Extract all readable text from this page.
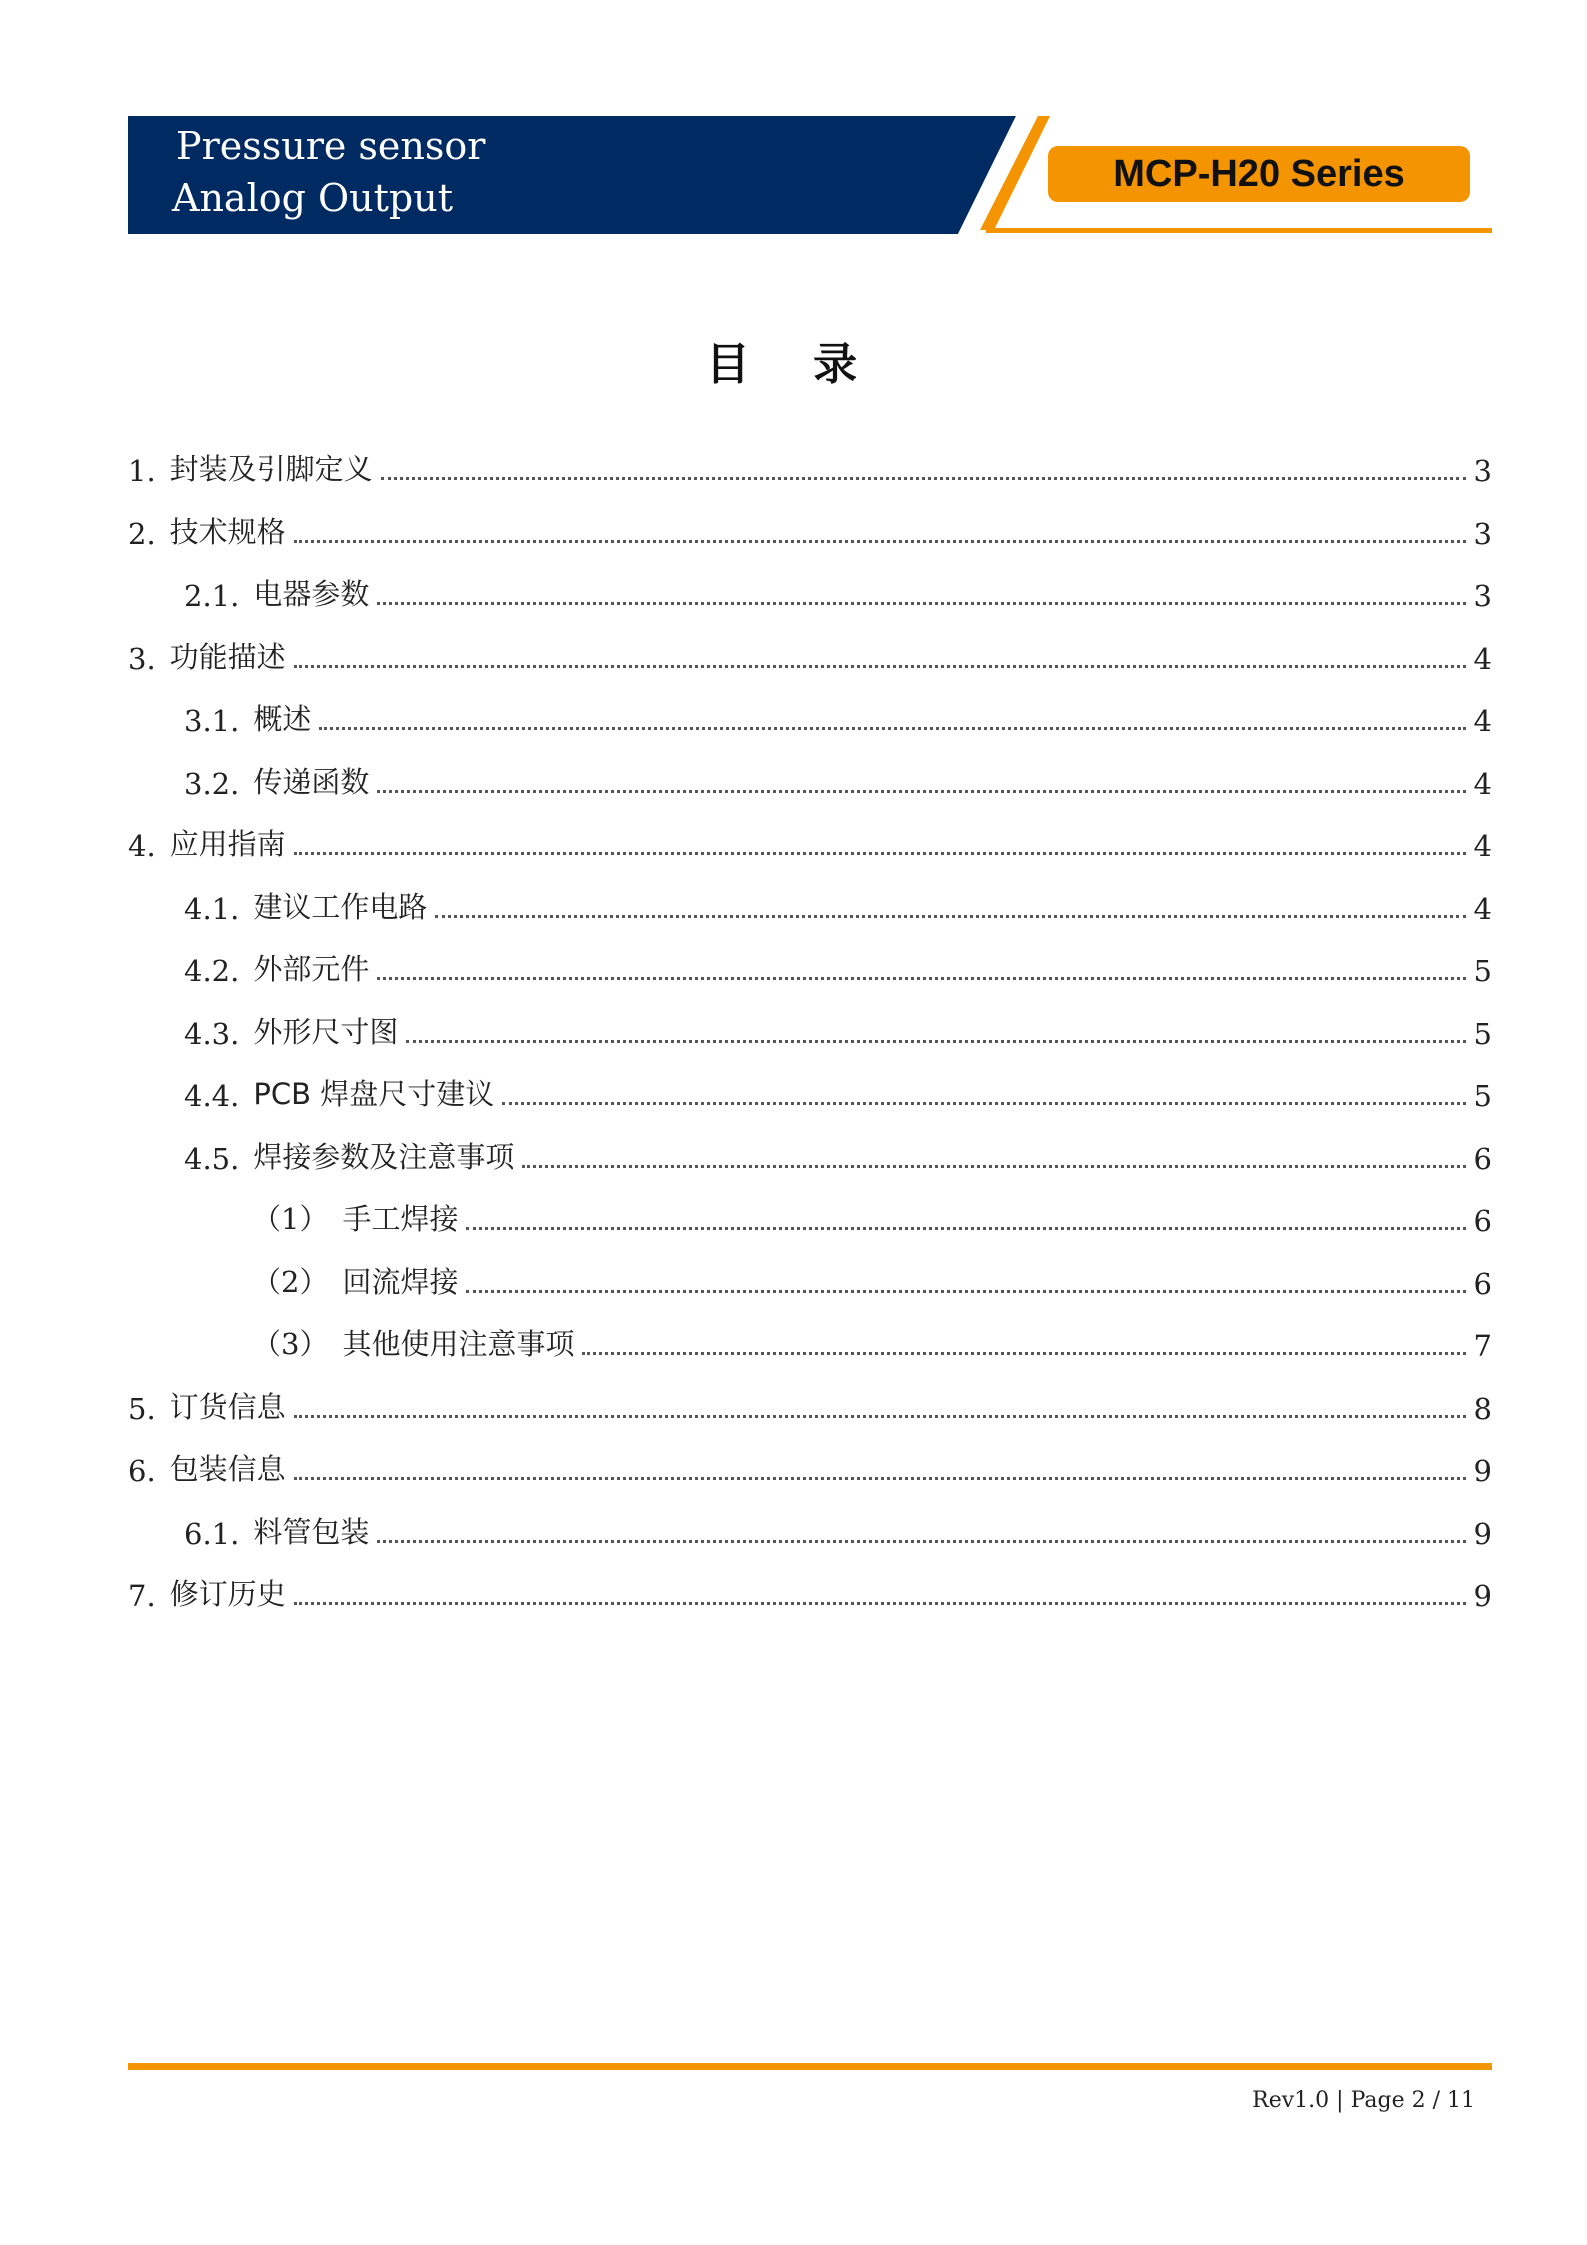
Pressure sensor
Analog Output
MCP-H20 Series
目 录
1. 封装及引脚定义	3
2. 技术规格	3
2.1. 电器参数	3
3. 功能描述	4
3.1. 概述	4
3.2. 传递函数	4
4. 应用指南	4
4.1. 建议工作电路	4
4.2. 外部元件	5
4.3. 外形尺寸图	5
4.4. PCB 焊盘尺寸建议	5
4.5. 焊接参数及注意事项	6
（1） 手工焊接	6
（2） 回流焊接	6
（3） 其他使用注意事项	7
5. 订货信息	8
6. 包装信息	9
6.1. 料管包装	9
7. 修订历史	9
Rev1.0 | Page 2 / 11
